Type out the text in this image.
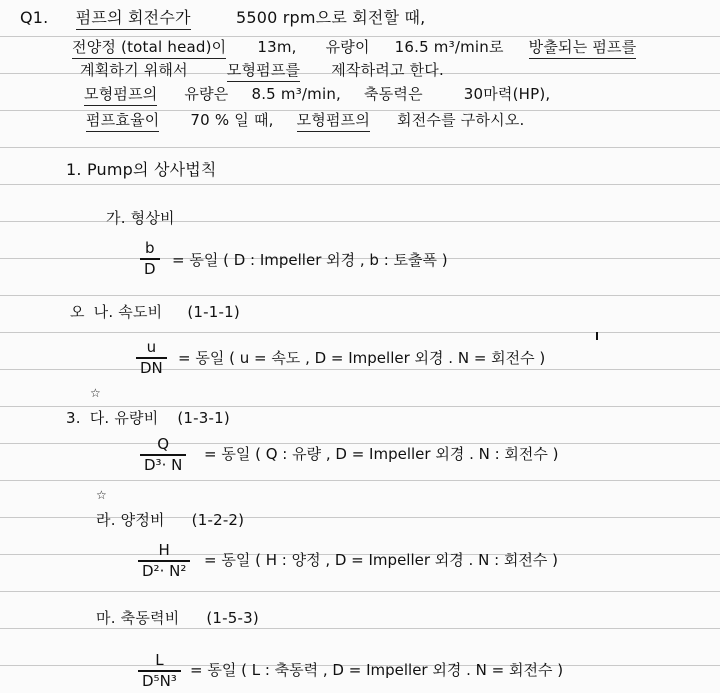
Q1. 펌프의 회전수가	5500 rpm으로 회전할 때,
전양정 (total head)이 13m, 유량이 16.5 m³/min로 방출되는 펌프를
계획하기 위해서	모형펌프를 제작하려고 한다.
모형펌프의 유량은 8.5 m³/min, 축동력은	30마력(HP),
펌프효율이 70 % 일 때, 모형펌프의 회전수를 구하시오.
1. Pump의 상사법칙
가. 형상비
b
D = 동일 ( D : Impeller 외경 , b : 토출폭 )
오 나. 속도비 (1-1-1)
u
DN
= 동일 ( u = 속도 , D = Impeller 외경 . N = 회전수 )
☆
3. 다. 유량비 (1-3-1)
Q
D³· N
= 동일 ( Q : 유량 , D = Impeller 외경 . N : 회전수 )
☆
라. 양정비 (1-2-2)
H
D²· N²
= 동일 ( H : 양정 , D = Impeller 외경 . N : 회전수 )
마. 축동력비 (1-5-3)
L
D⁵N³
= 동일 ( L : 축동력 , D = Impeller 외경 . N = 회전수 )
